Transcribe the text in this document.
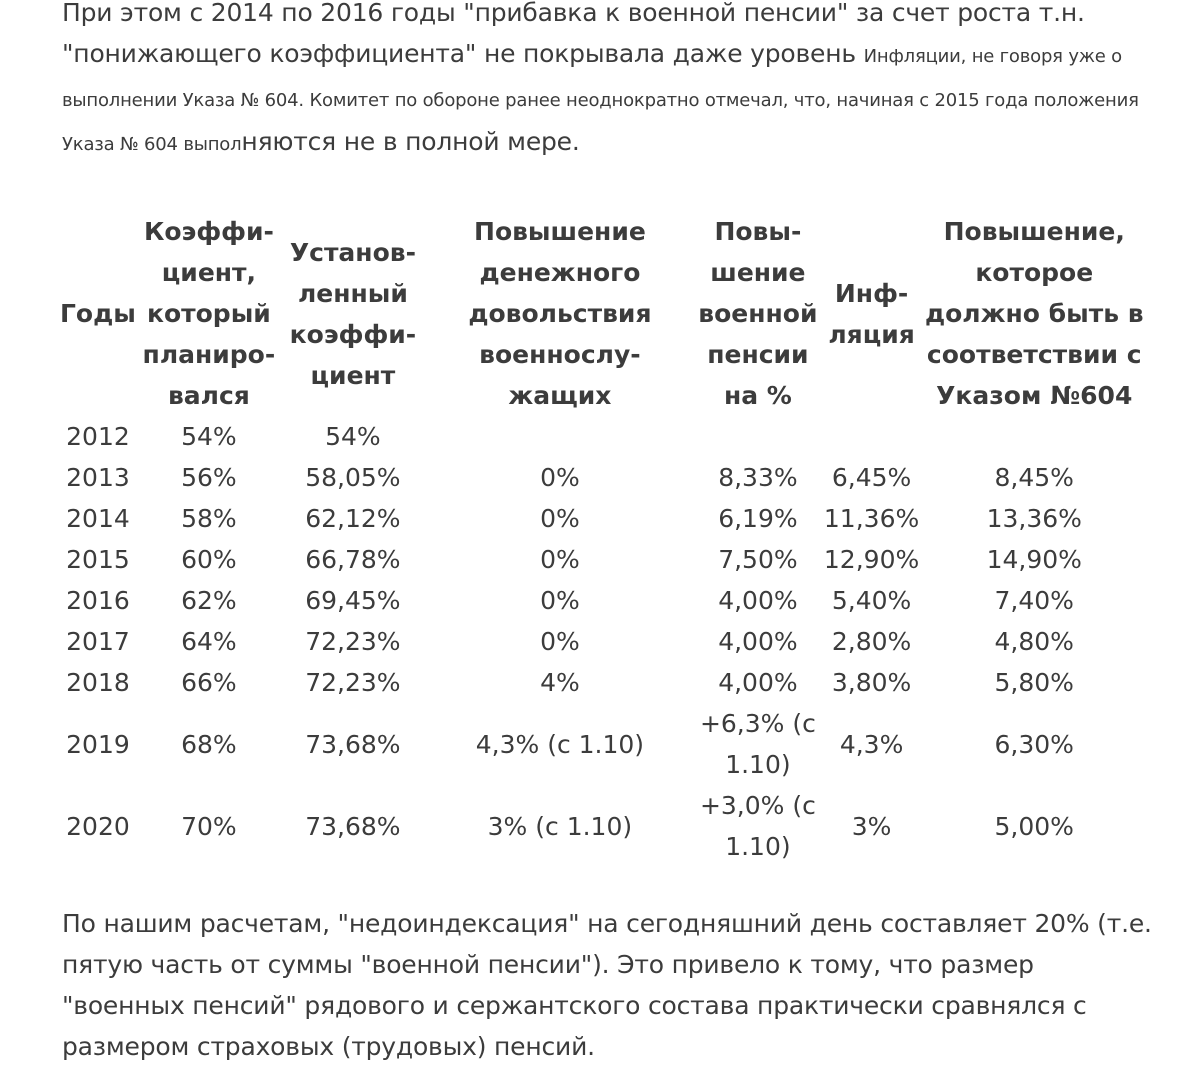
При этом с 2014 по 2016 годы "прибавка к военной пенсии" за счет роста т.н. "понижающего коэффициента" не покрывала даже уровень Инфляции, не говоря уже о выполнении Указа № 604. Комитет по обороне ранее неоднократно отмечал, что, начиная с 2015 года положения Указа № 604 выполняются не в полной мере.

Годы	Коэффи-циент, который планиро-вался	Установ-ленный коэффи-циент	Повышение денежного довольствия военнослу-жащих	Повы-шение военной пенсии на %	Инф-ляция	Повышение, которое должно быть в соответствии с Указом №604
2012	54%	54%				
2013	56%	58,05%	0%	8,33%	6,45%	8,45%
2014	58%	62,12%	0%	6,19%	11,36%	13,36%
2015	60%	66,78%	0%	7,50%	12,90%	14,90%
2016	62%	69,45%	0%	4,00%	5,40%	7,40%
2017	64%	72,23%	0%	4,00%	2,80%	4,80%
2018	66%	72,23%	4%	4,00%	3,80%	5,80%
2019	68%	73,68%	4,3% (с 1.10)	+6,3% (с 1.10)	4,3%	6,30%
2020	70%	73,68%	3% (с 1.10)	+3,0% (с 1.10)	3%	5,00%

По нашим расчетам, "недоиндексация" на сегодняшний день составляет 20% (т.е. пятую часть от суммы "военной пенсии"). Это привело к тому, что размер "военных пенсий" рядового и сержантского состава практически сравнялся с размером страховых (трудовых) пенсий.
